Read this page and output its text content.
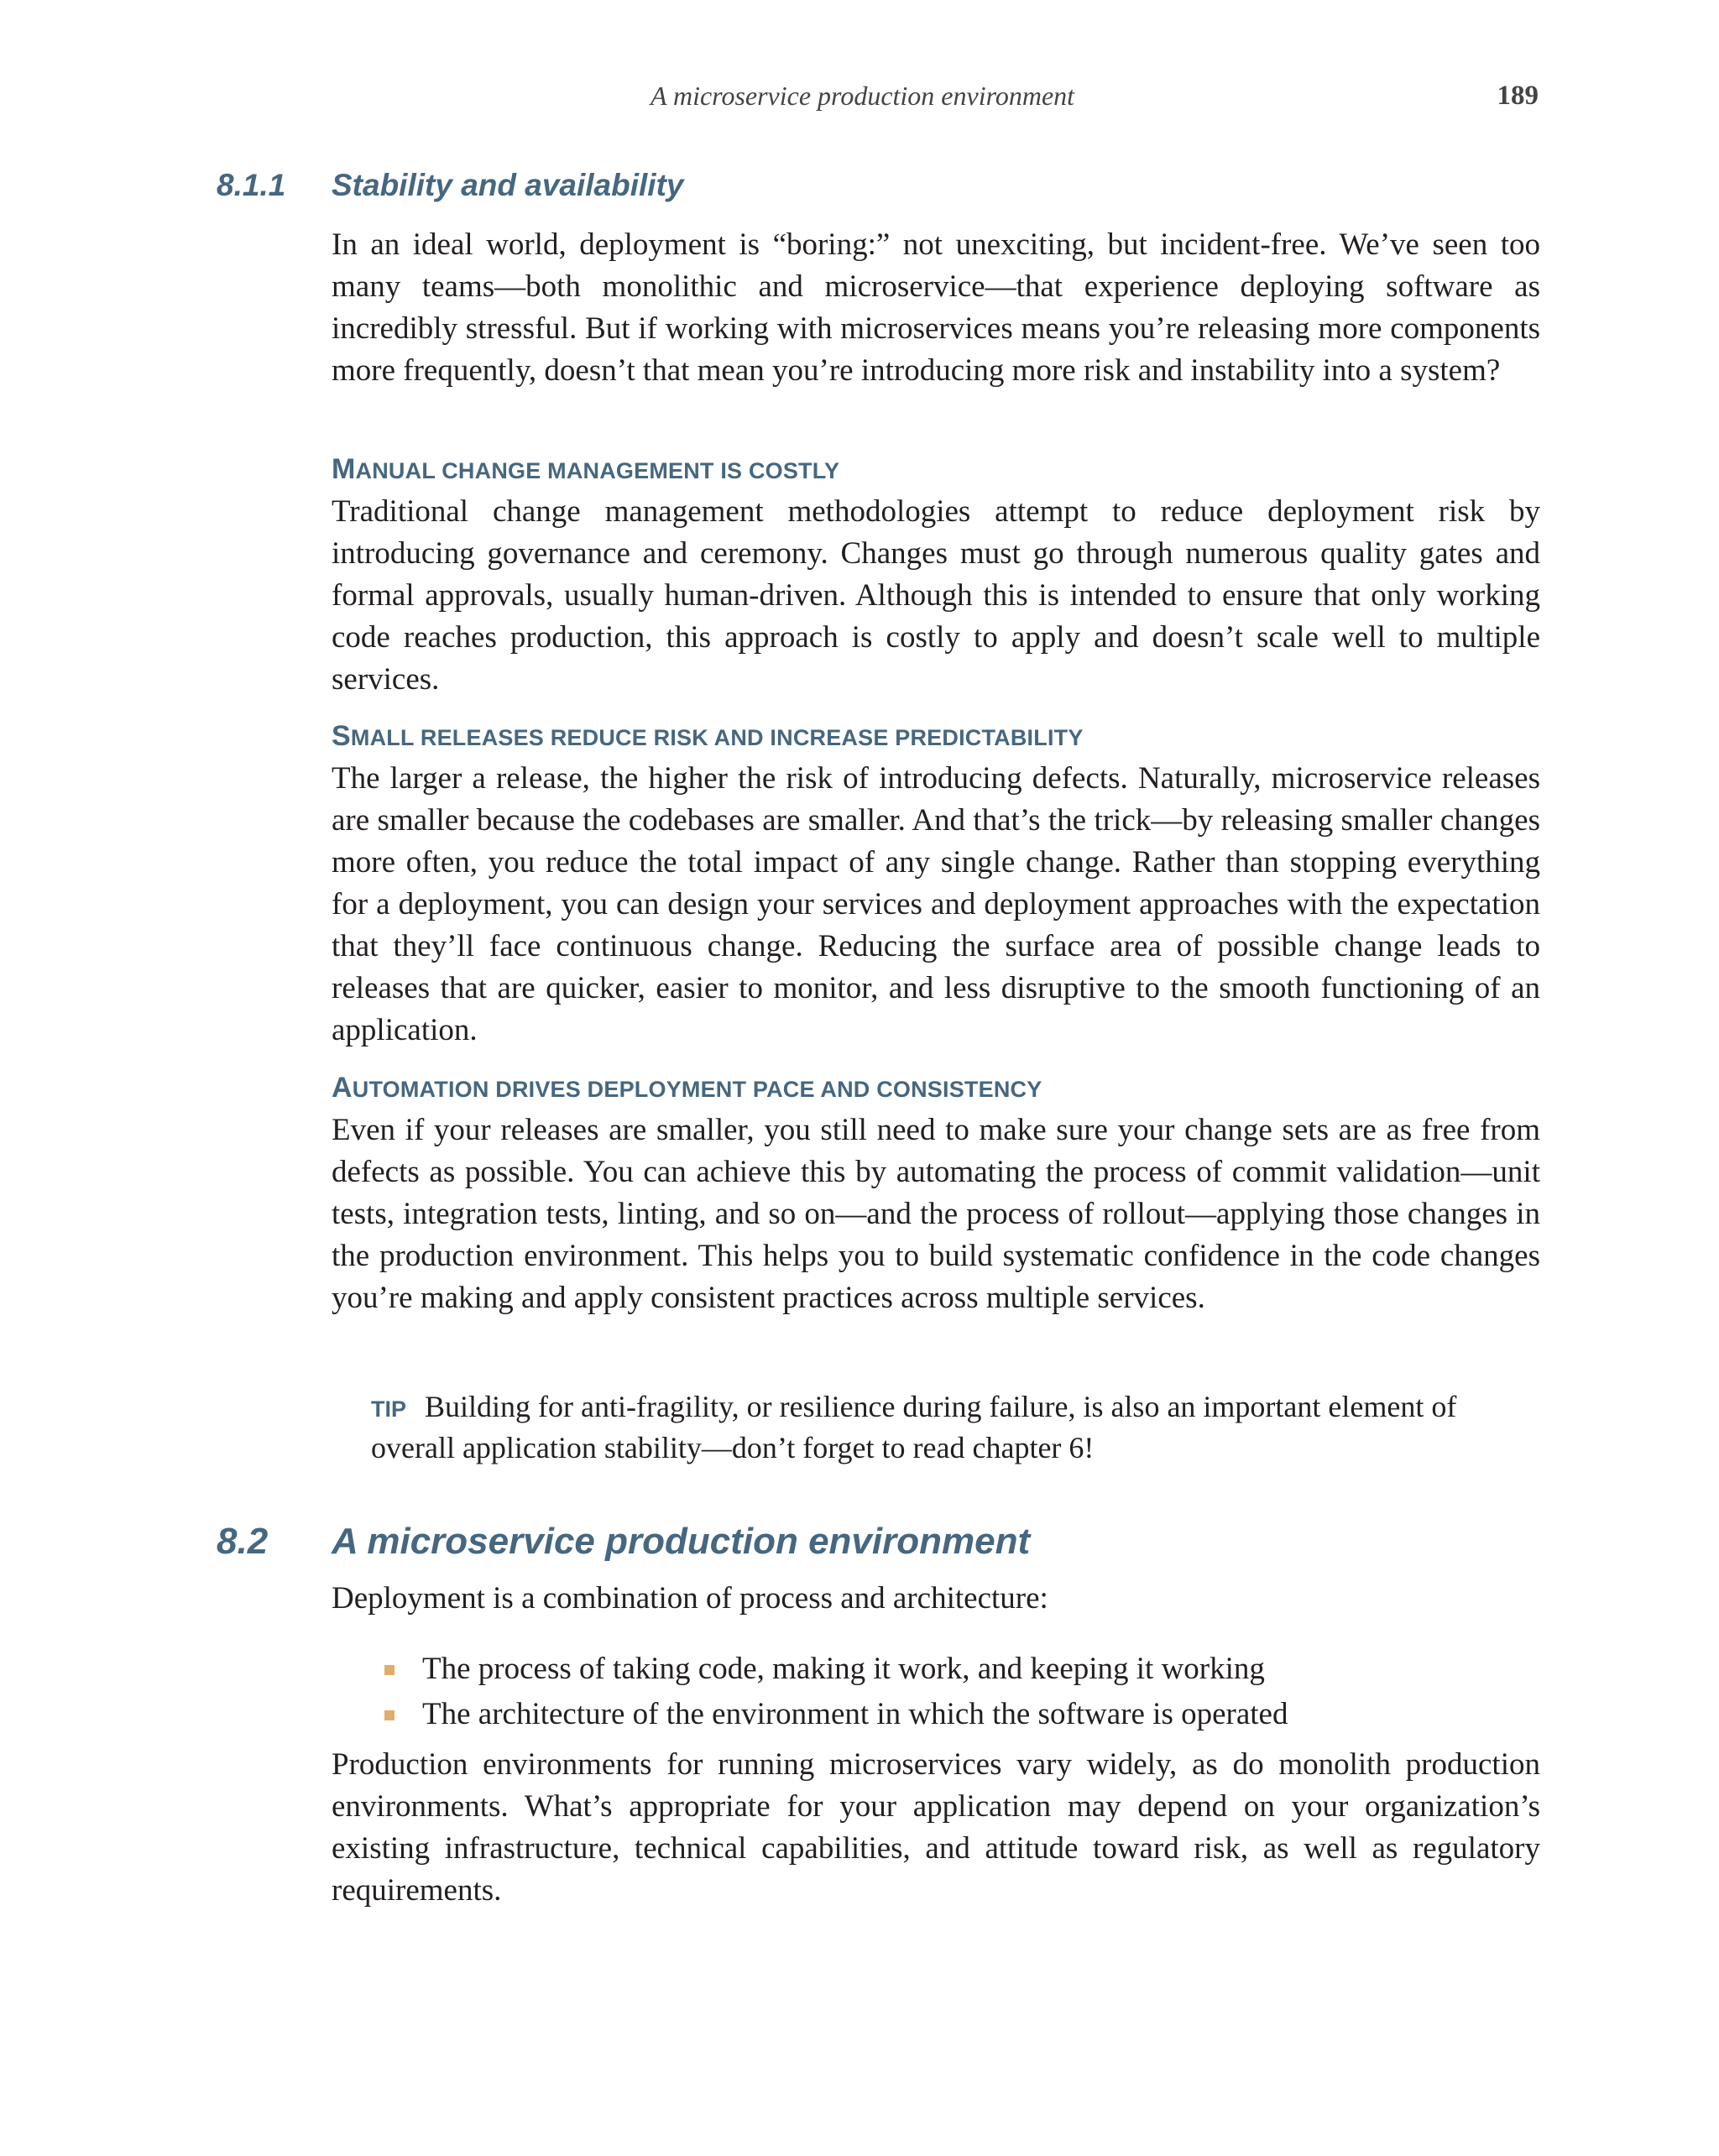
A microservice production environment	189
8.1.1 Stability and availability

In an ideal world, deployment is “boring:” not unexciting, but incident-free. We’ve seen too many teams—both monolithic and microservice—that experience deploying software as incredibly stressful. But if working with microservices means you’re releasing more components more frequently, doesn’t that mean you’re introducing more risk and instability into a system?

MANUAL CHANGE MANAGEMENT IS COSTLY

Traditional change management methodologies attempt to reduce deployment risk by introducing governance and ceremony. Changes must go through numerous quality gates and formal approvals, usually human-driven. Although this is intended to ensure that only working code reaches production, this approach is costly to apply and doesn’t scale well to multiple services.

SMALL RELEASES REDUCE RISK AND INCREASE PREDICTABILITY

The larger a release, the higher the risk of introducing defects. Naturally, microservice releases are smaller because the codebases are smaller. And that’s the trick—by releasing smaller changes more often, you reduce the total impact of any single change. Rather than stopping everything for a deployment, you can design your services and deployment approaches with the expectation that they’ll face continuous change. Reducing the surface area of possible change leads to releases that are quicker, easier to monitor, and less disruptive to the smooth functioning of an application.

AUTOMATION DRIVES DEPLOYMENT PACE AND CONSISTENCY

Even if your releases are smaller, you still need to make sure your change sets are as free from defects as possible. You can achieve this by automating the process of commit validation—unit tests, integration tests, linting, and so on—and the process of rollout—applying those changes in the production environment. This helps you to build systematic confidence in the code changes you’re making and apply consistent practices across multiple services.

TIP Building for anti-fragility, or resilience during failure, is also an important element of overall application stability—don’t forget to read chapter 6!

8.2 A microservice production environment

Deployment is a combination of process and architecture:

The process of taking code, making it work, and keeping it working
The architecture of the environment in which the software is operated

Production environments for running microservices vary widely, as do monolith production environments. What’s appropriate for your application may depend on your organization’s existing infrastructure, technical capabilities, and attitude toward risk, as well as regulatory requirements.
